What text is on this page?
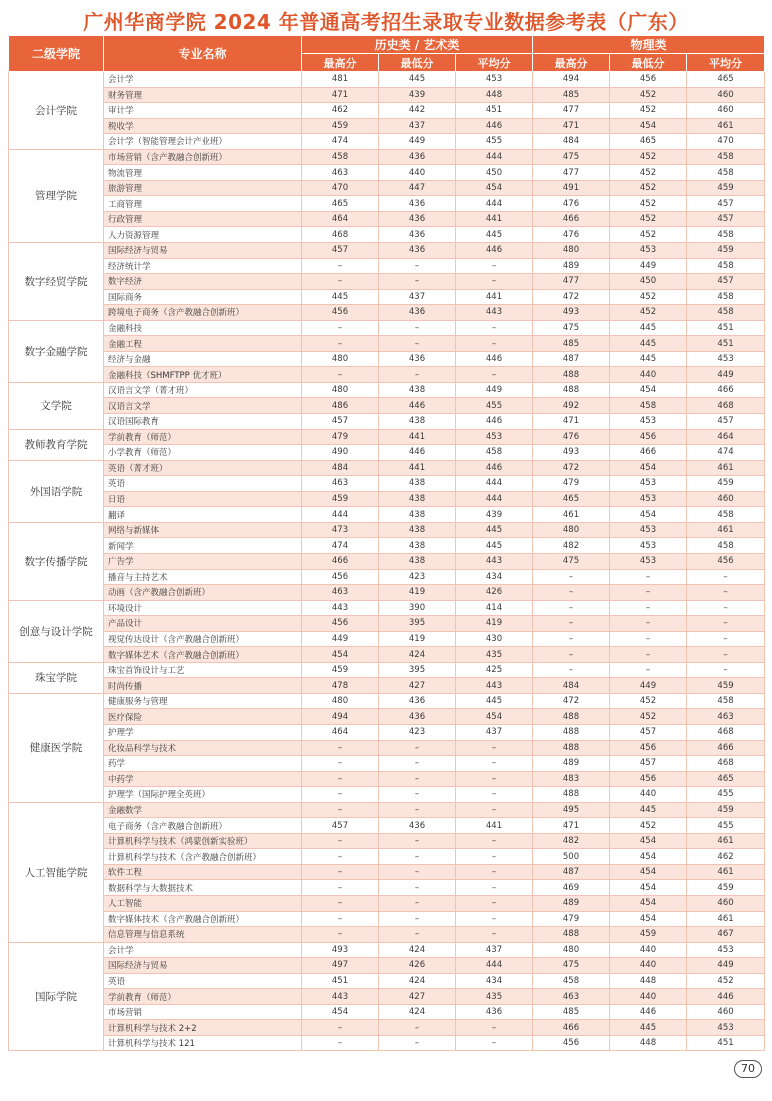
广州华商学院 2024 年普通高考招生录取专业数据参考表（广东）
二级学院	专业名称	历史类 / 艺术类			物理类		
		最高分	最低分	平均分	最高分	最低分	平均分
会计学院	会计学	481	445	453	494	456	465
	财务管理	471	439	448	485	452	460
	审计学	462	442	451	477	452	460
	税收学	459	437	446	471	454	461
	会计学（智能管理会计产业班）	474	449	455	484	465	470
管理学院	市场营销（含产教融合创新班）	458	436	444	475	452	458
	物流管理	463	440	450	477	452	458
	旅游管理	470	447	454	491	452	459
	工商管理	465	436	444	476	452	457
	行政管理	464	436	441	466	452	457
	人力资源管理	468	436	445	476	452	458
数字经贸学院	国际经济与贸易	457	436	446	480	453	459
	经济统计学	–	–	–	489	449	458
	数字经济	–	–	–	477	450	457
	国际商务	445	437	441	472	452	458
	跨境电子商务（含产教融合创新班）	456	436	443	493	452	458
数字金融学院	金融科技	–	–	–	475	445	451
	金融工程	–	–	–	485	445	451
	经济与金融	480	436	446	487	445	453
	金融科技（SHMFTPP 优才班）	–	–	–	488	440	449
文学院	汉语言文学（菁才班）	480	438	449	488	454	466
	汉语言文学	486	446	455	492	458	468
	汉语国际教育	457	438	446	471	453	457
教师教育学院	学前教育（师范）	479	441	453	476	456	464
	小学教育（师范）	490	446	458	493	466	474
外国语学院	英语（菁才班）	484	441	446	472	454	461
	英语	463	438	444	479	453	459
	日语	459	438	444	465	453	460
	翻译	444	438	439	461	454	458
数字传播学院	网络与新媒体	473	438	445	480	453	461
	新闻学	474	438	445	482	453	458
	广告学	466	438	443	475	453	456
	播音与主持艺术	456	423	434	–	–	–
	动画（含产教融合创新班）	463	419	426	–	–	–
创意与设计学院	环境设计	443	390	414	–	–	–
	产品设计	456	395	419	–	–	–
	视觉传达设计（含产教融合创新班）	449	419	430	–	–	–
	数字媒体艺术（含产教融合创新班）	454	424	435	–	–	–
珠宝学院	珠宝首饰设计与工艺	459	395	425	–	–	–
	时尚传播	478	427	443	484	449	459
健康医学院	健康服务与管理	480	436	445	472	452	458
	医疗保险	494	436	454	488	452	463
	护理学	464	423	437	488	457	468
	化妆品科学与技术	–	–	–	488	456	466
	药学	–	–	–	489	457	468
	中药学	–	–	–	483	456	465
	护理学（国际护理全英班）	–	–	–	488	440	455
人工智能学院	金融数学	–	–	–	495	445	459
	电子商务（含产教融合创新班）	457	436	441	471	452	455
	计算机科学与技术（鸿蒙创新实验班）	–	–	–	482	454	461
	计算机科学与技术（含产教融合创新班）	–	–	–	500	454	462
	软件工程	–	–	–	487	454	461
	数据科学与大数据技术	–	–	–	469	454	459
	人工智能	–	–	–	489	454	460
	数字媒体技术（含产教融合创新班）	–	–	–	479	454	461
	信息管理与信息系统	–	–	–	488	459	467
国际学院	会计学	493	424	437	480	440	453
	国际经济与贸易	497	426	444	475	440	449
	英语	451	424	434	458	448	452
	学前教育（师范）	443	427	435	463	440	446
	市场营销	454	424	436	485	446	460
	计算机科学与技术 2+2	–	–	–	466	445	453
	计算机科学与技术 121	–	–	–	456	448	451
70
